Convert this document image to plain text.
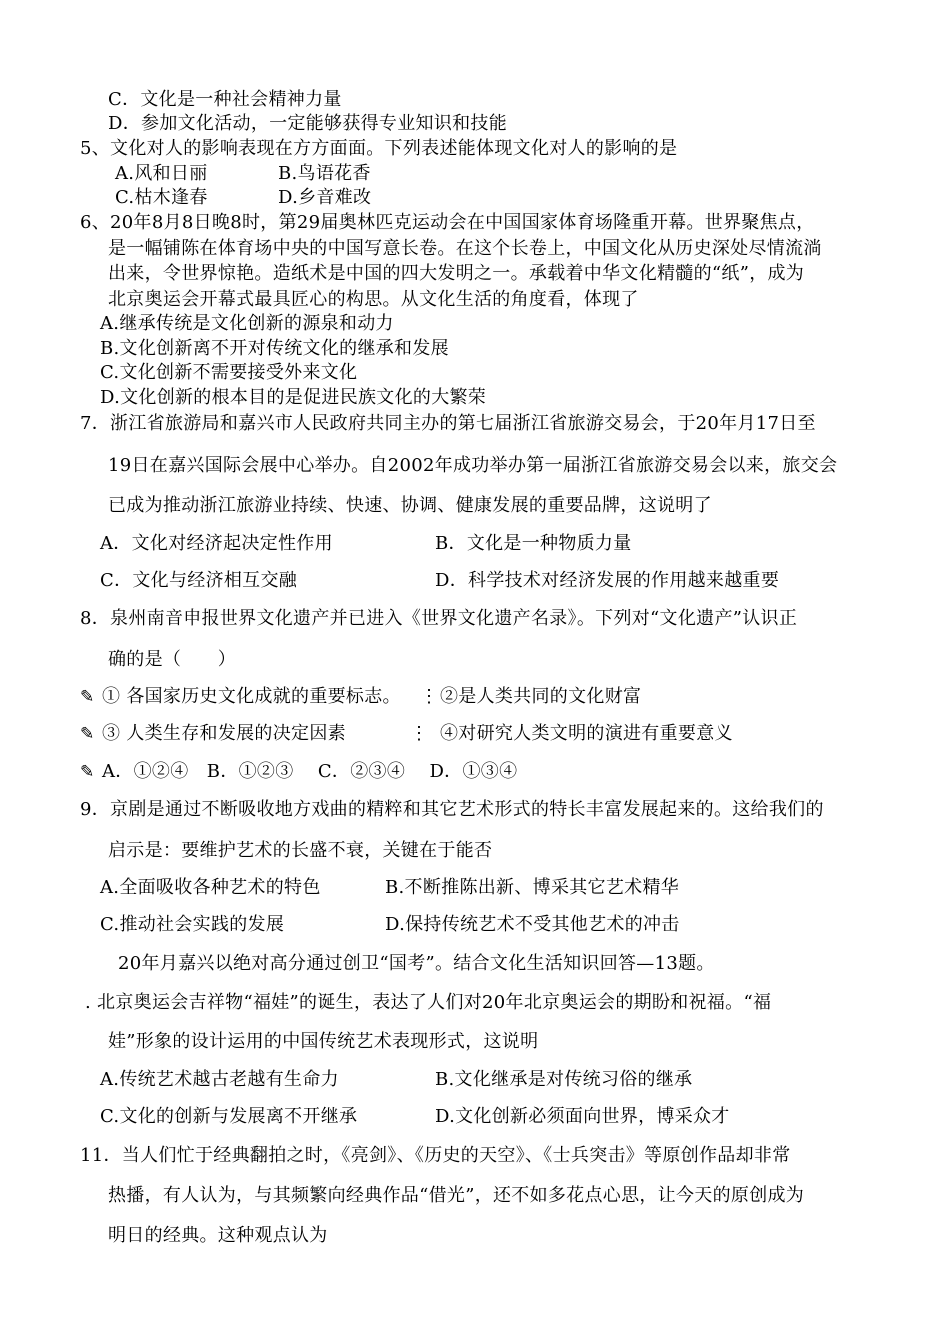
C．文化是一种社会精神力量
D．参加文化活动，一定能够获得专业知识和技能
5、文化对人的影响表现在方方面面。下列表述能体现文化对人的影响的是
A.风和日丽	B.鸟语花香
C.枯木逢春	D.乡音难改
6、20年8月8日晚8时，第29届奥林匹克运动会在中国国家体育场隆重开幕。世界聚焦点，
是一幅铺陈在体育场中央的中国写意长卷。在这个长卷上，中国文化从历史深处尽情流淌
出来，令世界惊艳。造纸术是中国的四大发明之一。承载着中华文化精髓的“纸”，成为
北京奥运会开幕式最具匠心的构思。从文化生活的角度看，体现了
A.继承传统是文化创新的源泉和动力
B.文化创新离不开对传统文化的继承和发展
C.文化创新不需要接受外来文化
D.文化创新的根本目的是促进民族文化的大繁荣
7．浙江省旅游局和嘉兴市人民政府共同主办的第七届浙江省旅游交易会，于20年月17日至
19日在嘉兴国际会展中心举办。自2002年成功举办第一届浙江省旅游交易会以来，旅交会
已成为推动浙江旅游业持续、快速、协调、健康发展的重要品牌，这说明了
A．文化对经济起决定性作用	B．文化是一种物质力量
C．文化与经济相互交融	D．科学技术对经济发展的作用越来越重要
8．泉州南音申报世界文化遗产并已进入《世界文化遗产名录》。下列对“文化遗产”认识正
确的是（　　）
✎ ① 各国家历史文化成就的重要标志。 ⋮ ②是人类共同的文化财富
✎ ③ 人类生存和发展的决定因素	⋮ ④对研究人类文明的演进有重要意义
✎ A．①②④　B．①②③　 C．②③④　 D．①③④
9．京剧是通过不断吸收地方戏曲的精粹和其它艺术形式的特长丰富发展起来的。这给我们的
启示是：要维护艺术的长盛不衰，关键在于能否
A.全面吸收各种艺术的特色	B.不断推陈出新、博采其它艺术精华
C.推动社会实践的发展	D.保持传统艺术不受其他艺术的冲击
20年月嘉兴以绝对高分通过创卫“国考”。结合文化生活知识回答—13题。
. 北京奥运会吉祥物“福娃”的诞生，表达了人们对20年北京奥运会的期盼和祝福。“福
娃”形象的设计运用的中国传统艺术表现形式，这说明
A.传统艺术越古老越有生命力	B.文化继承是对传统习俗的继承
C.文化的创新与发展离不开继承	D.文化创新必须面向世界，博采众才
11．当人们忙于经典翻拍之时，《亮剑》、《历史的天空》、《士兵突击》等原创作品却非常
热播，有人认为，与其频繁向经典作品“借光”，还不如多花点心思，让今天的原创成为
明日的经典。这种观点认为
